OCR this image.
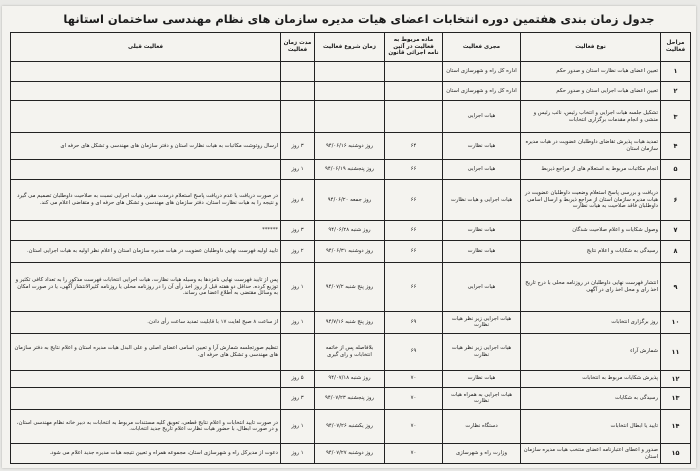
جدول زمان بندی هفتمین دوره انتخابات اعضای هیات مدیره سازمان های نظام مهندسی ساختمان استانها
مراحل فعالیت	نوع فعالیت	مجری فعالیت	ماده مربوط به فعالیت در آئین نامه اجرائی قانون	زمان شروع فعالیت	مدت زمان فعالیت	فعالیت قبلی
۱	تعیین اعضای هیات نظارت استان و صدور حکم	اداره کل راه و شهرسازی استان				
۲	تعیین اعضای هیات اجرایی استان و صدور حکم	اداره کل راه و شهرسازی استان				
۳	تشکیل جلسه هیات اجرایی و انتخاب رئیس، نائب رئیس و منشی و انجام مقدمات برگزاری انتخابات	هیات اجرایی				
۴	تمدید هیات پذیرش تقاضای داوطلبان عضویت در هیات مدیره سازمان استان	هیات نظارت	۶۴	روز دوشنبه ۹۴/۰۶/۱۶	۳ روز	ارسال روتوشت مکاتبات به هیات نظارت استان و دفتر سازمان های مهندسی و تشکل های حرفه ای
۵	انجام مکاتبات مربوط به استعلام های از مراجع ذیربط	هیات اجرایی	۶۶	روز پنجشنبه ۹۴/۰۶/۱۹	۱ روز	
۶	دریافت و بررسی پاسخ استعلام وضعیت داوطلبان عضویت در هیات مدیره سازمان استان از مراجع ذیربط و ارسال اسامی داوطلبان فاقد صلاحیت به هیات نظارت	هیات اجرایی و هیات نظارت	۶۶	روز جمعه ۹۴/۰۶/۲۰	۸ روز	در صورت دریافت یا عدم دریافت پاسخ استعلام درمدت مقرر، هیات اجرایی نسبت به صلاحیت داوطلبان تصمیم می گیرد و نتیجه را به هیات نظارت استان، دفتر سازمان های مهندسی و تشکل های حرفه ای و متقاضی اعلام می کند.
۷	وصول شکایات و اعلام صلاحیت شدگان	هیات نظارت	۶۶	روز شنبه ۹۴/۰۶/۲۸	۳ روز	******
۸	رسیدگی به شکایات و اعلام نتایج	هیات نظارت	۶۶	روز دوشنبه ۹۴/۰۶/۳۱	۲ روز	تایید اولیه فهرست نهایی داوطلبان عضویت در هیات مدیره سازمان استان و اعلام نظر اولیه به هیات اجرایی استان.
۹	انتشار فهرست نهایی داوطلبان در روزنامه محلی با درج تاریخ اخذ رای و محل اخذ رای در آگهی	هیات اجرایی	۶۶	روز پنج شنبه ۹۴/۰۷/۲	۱ روز	پس از تایید فهرست نهایی نامزدها به وسیله هیات نظارت، هیات اجرایی انتخابات فهرست مذکور را به تعداد کافی تکثیر و توزیع کرده، حداقل دو هفته قبل از روز اخذ رأی آن را در روزنامه محلی یا روزنامه کثیرالانتشار آگهی، یا در صورت امکان به وسائل مقتضی به اطلاع اعضا می رساند.
۱۰	روز برگزاری انتخابات	هیات اجرایی زیر نظر هیات نظارت	۶۹	روز پنج شنبه ۹۴/۷/۱۶	۱ روز	از ساعت ۸ صبح لغایت ۱۷ با قابلیت تمدید ساعت رأی دادن.
۱۱	شمارش آراء	هیات اجرایی زیر نظر هیات نظارت	۶۹	بلافاصله پس از خاتمه انتخابات و رای گیری		تنظیم صورتجلسه شمارش آرا و تعیین اسامی اعضای اصلی و علی البدل هیات مدیره استان و اعلام نتایج به دفتر سازمان های مهندسی و تشکل های حرفه ای.
۱۲	پذیرش شکایات مربوط به انتخابات	هیات نظارت	۷۰	روز شنبه ۹۴/۰۷/۱۸	۵ روز	
۱۳	رسیدگی به شکایات	هیات اجرایی به همراه هیات نظارت	۷۰	روز پنجشنبه ۹۴/۰۷/۲۳	۳ روز	
۱۴	تایید یا ابطال انتخابات	دستگاه نظارت	۷۰	روز یکشنبه ۹۴/۰۷/۲۶	۱ روز	در صورت تایید انتخابات و اعلام نتایج قطعی، تعویق کلیه مستندات مربوط به انتخابات به دبیر خانه نظام مهندسی استان، و در صورت ابطال، با حضور هیات نظارت اعلام تاریخ جدید انتخابات.
۱۵	صدور و اعطای اعتبارنامه اعضای منتخب هیات مدیره سازمان استان	وزارت راه و شهرسازی	۷۰	روز دوشنبه ۹۴/۰۷/۲۷	۱ روز	دعوت از مدیرکل راه و شهرسازی استان، مجموعه همراه و تعیین نتیجه هیات مدیره جدید اعلام می شود.
